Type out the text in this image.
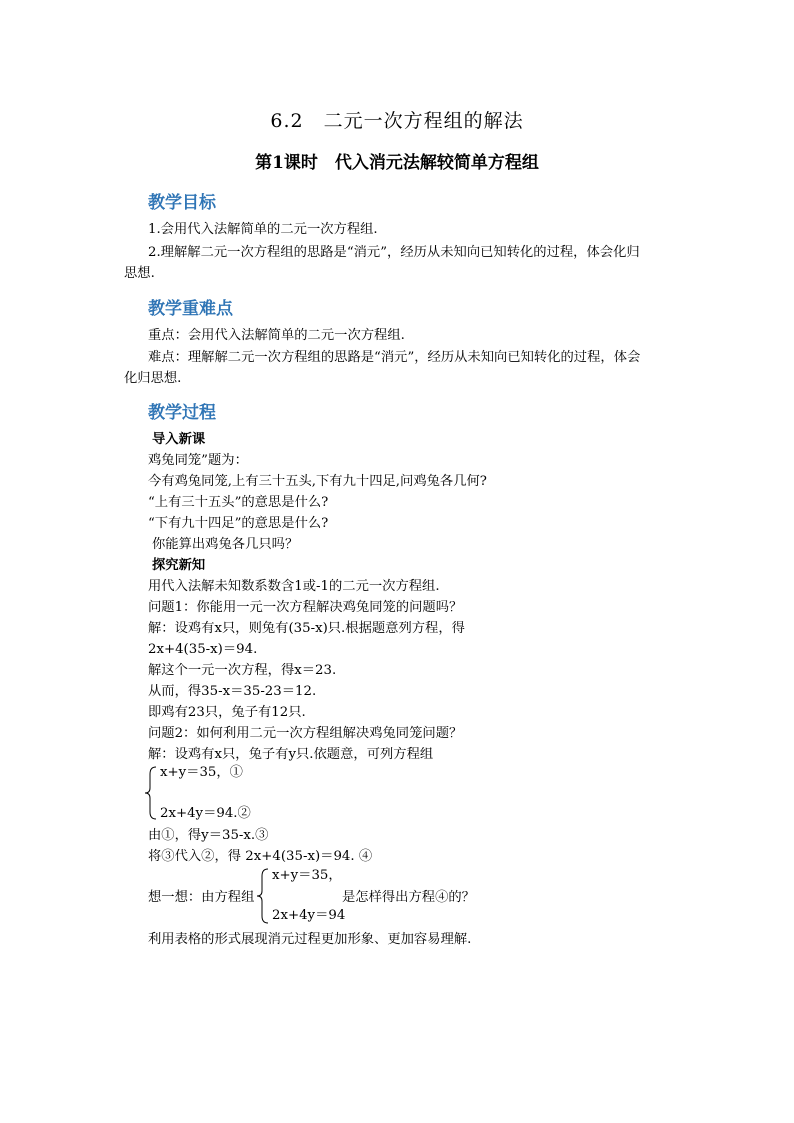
6.2　二元一次方程组的解法
第1课时　代入消元法解较简单方程组
教学目标
1.会用代入法解简单的二元一次方程组.
2.理解解二元一次方程组的思路是“消元”，经历从未知向已知转化的过程，体会化归
思想.
教学重难点
重点：会用代入法解简单的二元一次方程组.
难点：理解解二元一次方程组的思路是“消元”，经历从未知向已知转化的过程，体会
化归思想.
教学过程
导入新课
鸡兔同笼”题为：
今有鸡兔同笼,上有三十五头,下有九十四足,问鸡兔各几何?
“上有三十五头”的意思是什么?
“下有九十四足”的意思是什么?
你能算出鸡兔各几只吗？
探究新知
用代入法解未知数系数含1或-1的二元一次方程组.
问题1：你能用一元一次方程解决鸡兔同笼的问题吗？
解：设鸡有x只，则兔有(35-x)只.根据题意列方程，得
2x+4(35-x)＝94.
解这个一元一次方程，得x＝23.
从而，得35-x＝35-23＝12.
即鸡有23只，兔子有12只.
问题2：如何利用二元一次方程组解决鸡兔同笼问题？
解：设鸡有x只，兔子有y只.依题意，可列方程组
x+y＝35，①
2x+4y＝94.②
由①，得y＝35-x.③
将③代入②，得 2x+4(35-x)＝94. ④
想一想：由方程组
x+y＝35，
2x+4y＝94
是怎样得出方程④的？
利用表格的形式展现消元过程更加形象、更加容易理解.
